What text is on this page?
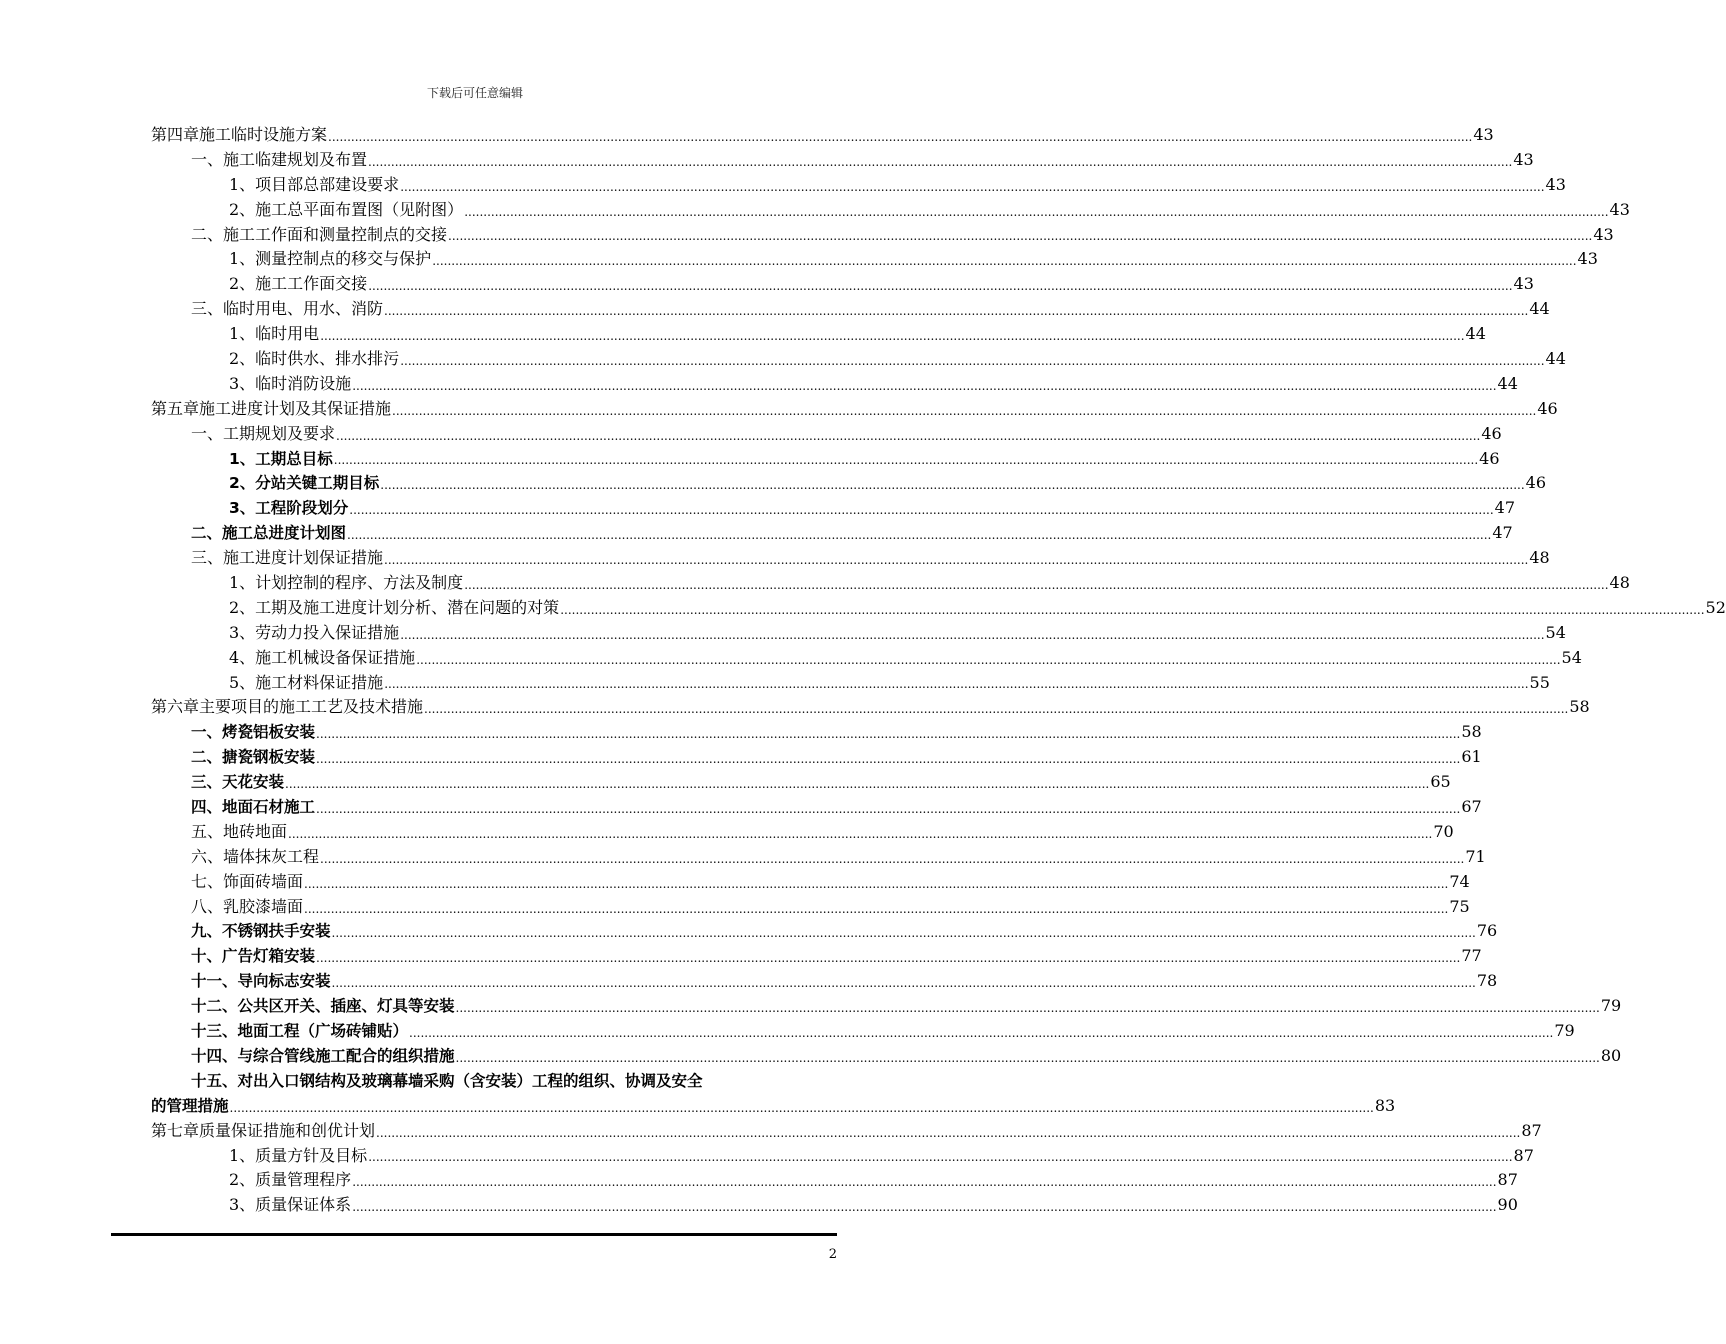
下载后可任意编辑
第四章施工临时设施方案 ............................................................................................................................................................................................................................................................................................................ 43
一、施工临建规划及布置 ............................................................................................................................................................................................................................................................................................................ 43
1、项目部总部建设要求 ............................................................................................................................................................................................................................................................................................................ 43
2、施工总平面布置图（见附图） ............................................................................................................................................................................................................................................................................................................ 43
二、施工工作面和测量控制点的交接 ............................................................................................................................................................................................................................................................................................................ 43
1、测量控制点的移交与保护 ............................................................................................................................................................................................................................................................................................................ 43
2、施工工作面交接 ............................................................................................................................................................................................................................................................................................................ 43
三、临时用电、用水、消防 ............................................................................................................................................................................................................................................................................................................ 44
1、临时用电 ............................................................................................................................................................................................................................................................................................................ 44
2、临时供水、排水排污 ............................................................................................................................................................................................................................................................................................................ 44
3、临时消防设施 ............................................................................................................................................................................................................................................................................................................ 44
第五章施工进度计划及其保证措施 ............................................................................................................................................................................................................................................................................................................ 46
一、工期规划及要求 ............................................................................................................................................................................................................................................................................................................ 46
1、工期总目标 ............................................................................................................................................................................................................................................................................................................ 46
2、分站关键工期目标 ............................................................................................................................................................................................................................................................................................................ 46
3、工程阶段划分 ............................................................................................................................................................................................................................................................................................................ 47
二、施工总进度计划图 ............................................................................................................................................................................................................................................................................................................ 47
三、施工进度计划保证措施 ............................................................................................................................................................................................................................................................................................................ 48
1、计划控制的程序、方法及制度 ............................................................................................................................................................................................................................................................................................................ 48
2、工期及施工进度计划分析、潜在问题的对策 ............................................................................................................................................................................................................................................................................................................ 52
3、劳动力投入保证措施 ............................................................................................................................................................................................................................................................................................................ 54
4、施工机械设备保证措施 ............................................................................................................................................................................................................................................................................................................ 54
5、施工材料保证措施 ............................................................................................................................................................................................................................................................................................................ 55
第六章主要项目的施工工艺及技术措施 ............................................................................................................................................................................................................................................................................................................ 58
一、烤瓷铝板安装 ............................................................................................................................................................................................................................................................................................................ 58
二、搪瓷钢板安装 ............................................................................................................................................................................................................................................................................................................ 61
三、天花安装 ............................................................................................................................................................................................................................................................................................................ 65
四、地面石材施工 ............................................................................................................................................................................................................................................................................................................ 67
五、地砖地面 ............................................................................................................................................................................................................................................................................................................ 70
六、墙体抹灰工程 ............................................................................................................................................................................................................................................................................................................ 71
七、饰面砖墙面 ............................................................................................................................................................................................................................................................................................................ 74
八、乳胶漆墙面 ............................................................................................................................................................................................................................................................................................................ 75
九、不锈钢扶手安装 ............................................................................................................................................................................................................................................................................................................ 76
十、广告灯箱安装 ............................................................................................................................................................................................................................................................................................................ 77
十一、导向标志安装 ............................................................................................................................................................................................................................................................................................................ 78
十二、公共区开关、插座、灯具等安装 ............................................................................................................................................................................................................................................................................................................ 79
十三、地面工程（广场砖铺贴） ............................................................................................................................................................................................................................................................................................................ 79
十四、与综合管线施工配合的组织措施 ............................................................................................................................................................................................................................................................................................................ 80
十五、对出入口钢结构及玻璃幕墙采购（含安装）工程的组织、协调及安全
的管理措施 ............................................................................................................................................................................................................................................................................................................ 83
第七章质量保证措施和创优计划 ............................................................................................................................................................................................................................................................................................................ 87
1、质量方针及目标 ............................................................................................................................................................................................................................................................................................................ 87
2、质量管理程序 ............................................................................................................................................................................................................................................................................................................ 87
3、质量保证体系 ............................................................................................................................................................................................................................................................................................................ 90
2
